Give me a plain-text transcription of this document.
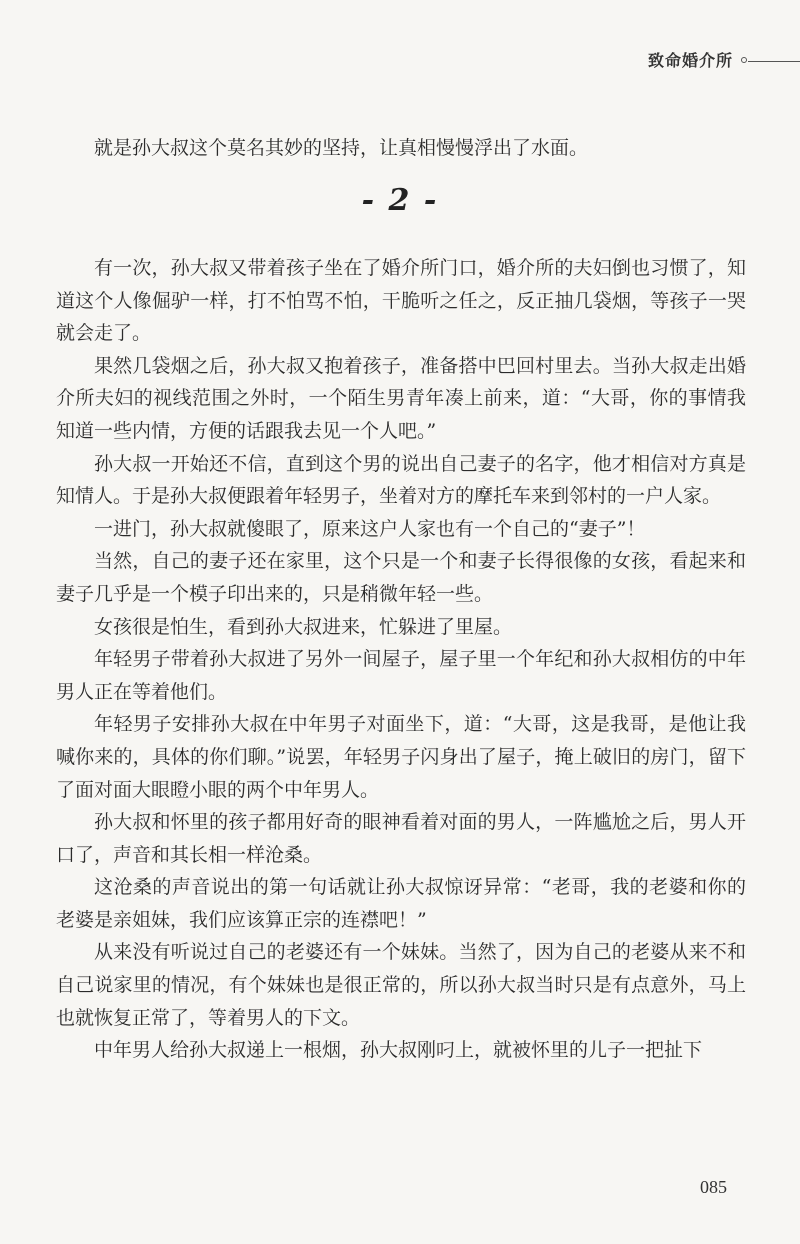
致命婚介所

就是孙大叔这个莫名其妙的坚持，让真相慢慢浮出了水面。

- 2 -

有一次，孙大叔又带着孩子坐在了婚介所门口，婚介所的夫妇倒也习惯了，知道这个人像倔驴一样，打不怕骂不怕，干脆听之任之，反正抽几袋烟，等孩子一哭就会走了。

果然几袋烟之后，孙大叔又抱着孩子，准备搭中巴回村里去。当孙大叔走出婚介所夫妇的视线范围之外时，一个陌生男青年凑上前来，道：“大哥，你的事情我知道一些内情，方便的话跟我去见一个人吧。”

孙大叔一开始还不信，直到这个男的说出自己妻子的名字，他才相信对方真是知情人。于是孙大叔便跟着年轻男子，坐着对方的摩托车来到邻村的一户人家。

一进门，孙大叔就傻眼了，原来这户人家也有一个自己的“妻子”！

当然，自己的妻子还在家里，这个只是一个和妻子长得很像的女孩，看起来和妻子几乎是一个模子印出来的，只是稍微年轻一些。

女孩很是怕生，看到孙大叔进来，忙躲进了里屋。

年轻男子带着孙大叔进了另外一间屋子，屋子里一个年纪和孙大叔相仿的中年男人正在等着他们。

年轻男子安排孙大叔在中年男子对面坐下，道：“大哥，这是我哥，是他让我喊你来的，具体的你们聊。”说罢，年轻男子闪身出了屋子，掩上破旧的房门，留下了面对面大眼瞪小眼的两个中年男人。

孙大叔和怀里的孩子都用好奇的眼神看着对面的男人，一阵尴尬之后，男人开口了，声音和其长相一样沧桑。

这沧桑的声音说出的第一句话就让孙大叔惊讶异常：“老哥，我的老婆和你的老婆是亲姐妹，我们应该算正宗的连襟吧！”

从来没有听说过自己的老婆还有一个妹妹。当然了，因为自己的老婆从来不和自己说家里的情况，有个妹妹也是很正常的，所以孙大叔当时只是有点意外，马上也就恢复正常了，等着男人的下文。

中年男人给孙大叔递上一根烟，孙大叔刚叼上，就被怀里的儿子一把扯下

085
